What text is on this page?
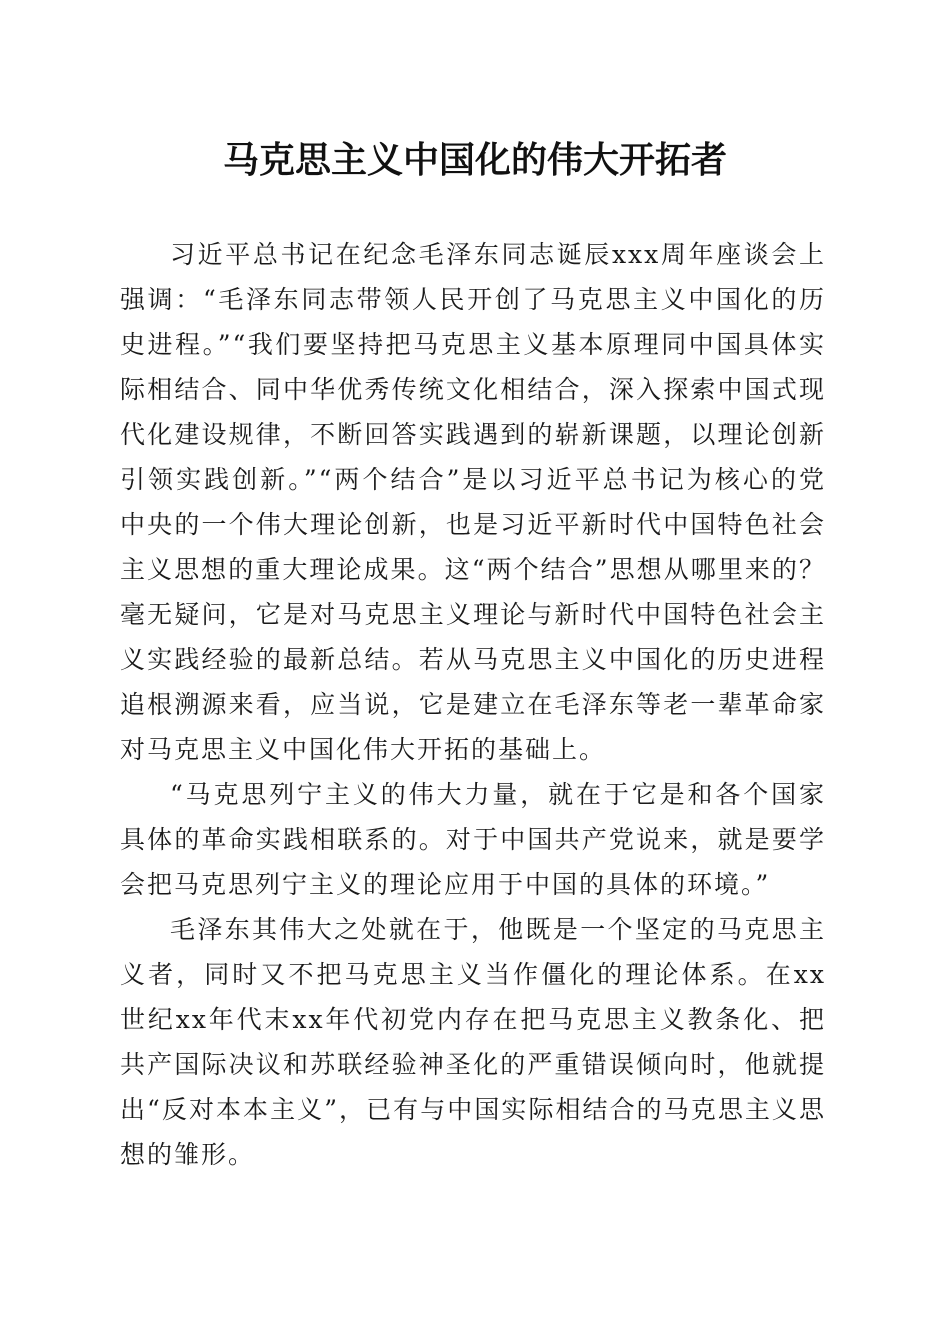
马克思主义中国化的伟大开拓者

习近平总书记在纪念毛泽东同志诞辰xxx周年座谈会上强调：“毛泽东同志带领人民开创了马克思主义中国化的历史进程。”“我们要坚持把马克思主义基本原理同中国具体实际相结合、同中华优秀传统文化相结合，深入探索中国式现代化建设规律，不断回答实践遇到的崭新课题，以理论创新引领实践创新。”“两个结合”是以习近平总书记为核心的党中央的一个伟大理论创新，也是习近平新时代中国特色社会主义思想的重大理论成果。这“两个结合”思想从哪里来的？毫无疑问，它是对马克思主义理论与新时代中国特色社会主义实践经验的最新总结。若从马克思主义中国化的历史进程追根溯源来看，应当说，它是建立在毛泽东等老一辈革命家对马克思主义中国化伟大开拓的基础上。

“马克思列宁主义的伟大力量，就在于它是和各个国家具体的革命实践相联系的。对于中国共产党说来，就是要学会把马克思列宁主义的理论应用于中国的具体的环境。”

毛泽东其伟大之处就在于，他既是一个坚定的马克思主义者，同时又不把马克思主义当作僵化的理论体系。在xx世纪xx年代末xx年代初党内存在把马克思主义教条化、把共产国际决议和苏联经验神圣化的严重错误倾向时，他就提出“反对本本主义”，已有与中国实际相结合的马克思主义思想的雏形。
